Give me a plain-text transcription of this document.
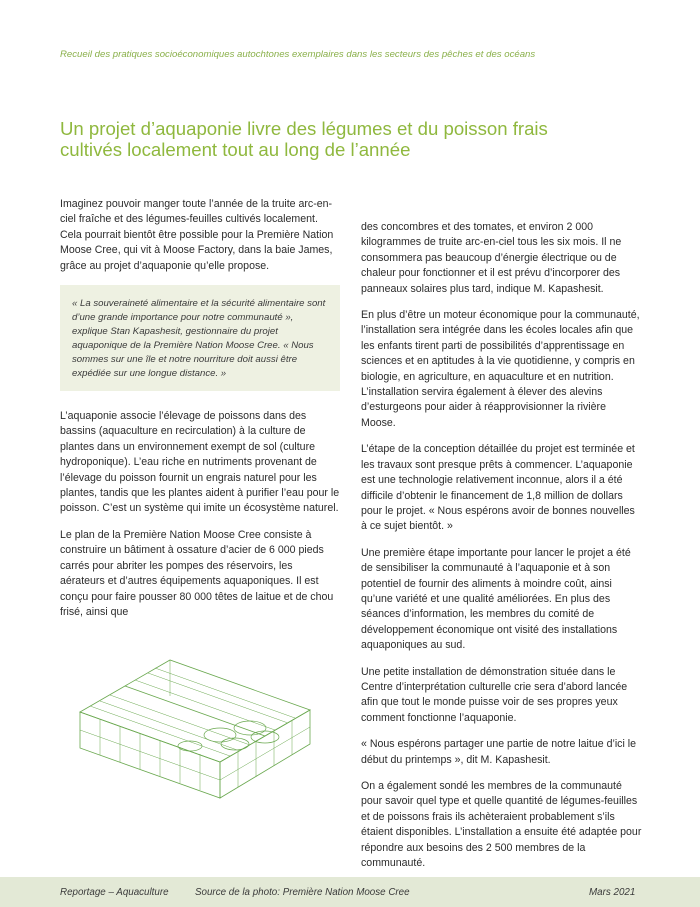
Recueil des pratiques socioéconomiques autochtones exemplaires dans les secteurs des pêches et des océans
Un projet d’aquaponie livre des légumes et du poisson frais cultivés localement tout au long de l’année

Imaginez pouvoir manger toute l’année de la truite arc-en-ciel fraîche et des légumes-feuilles cultivés localement. Cela pourrait bientôt être possible pour la Première Nation Moose Cree, qui vit à Moose Factory, dans la baie James, grâce au projet d’aquaponie qu’elle propose.

« La souveraineté alimentaire et la sécurité alimentaire sont d’une grande importance pour notre communauté », explique Stan Kapashesit, gestionnaire du projet aquaponique de la Première Nation Moose Cree. « Nous sommes sur une île et notre nourriture doit aussi être expédiée sur une longue distance. »

L’aquaponie associe l’élevage de poissons dans des bassins (aquaculture en recirculation) à la culture de plantes dans un environnement exempt de sol (culture hydroponique). L’eau riche en nutriments provenant de l’élevage du poisson fournit un engrais naturel pour les plantes, tandis que les plantes aident à purifier l’eau pour le poisson. C’est un système qui imite un écosystème naturel.

Le plan de la Première Nation Moose Cree consiste à construire un bâtiment à ossature d’acier de 6 000 pieds carrés pour abriter les pompes des réservoirs, les aérateurs et d’autres équipements aquaponiques. Il est conçu pour faire pousser 80 000 têtes de laitue et de chou frisé, ainsi que

des concombres et des tomates, et environ 2 000 kilogrammes de truite arc-en-ciel tous les six mois. Il ne consommera pas beaucoup d’énergie électrique ou de chaleur pour fonctionner et il est prévu d’incorporer des panneaux solaires plus tard, indique M. Kapashesit.

En plus d’être un moteur économique pour la communauté, l’installation sera intégrée dans les écoles locales afin que les enfants tirent parti de possibilités d’apprentissage en sciences et en aptitudes à la vie quotidienne, y compris en biologie, en agriculture, en aquaculture et en nutrition. L’installation servira également à élever des alevins d’esturgeons pour aider à réapprovisionner la rivière Moose.

L’étape de la conception détaillée du projet est terminée et les travaux sont presque prêts à commencer. L’aquaponie est une technologie relativement inconnue, alors il a été difficile d’obtenir le financement de 1,8 million de dollars pour le projet. « Nous espérons avoir de bonnes nouvelles à ce sujet bientôt. »

Une première étape importante pour lancer le projet a été de sensibiliser la communauté à l’aquaponie et à son potentiel de fournir des aliments à moindre coût, ainsi qu’une variété et une qualité améliorées. En plus des séances d’information, les membres du comité de développement économique ont visité des installations aquaponiques au sud.

Une petite installation de démonstration située dans le Centre d’interprétation culturelle crie sera d’abord lancée afin que tout le monde puisse voir de ses propres yeux comment fonctionne l’aquaponie.

« Nous espérons partager une partie de notre laitue d’ici le début du printemps », dit M. Kapashesit.

On a également sondé les membres de la communauté pour savoir quel type et quelle quantité de légumes-feuilles et de poissons frais ils achèteraient probablement s’ils étaient disponibles. L’installation a ensuite été adaptée pour répondre aux besoins des 2 500 membres de la communauté.

Reportage – Aquaculture	Source de la photo: Première Nation Moose Cree	Mars 2021
